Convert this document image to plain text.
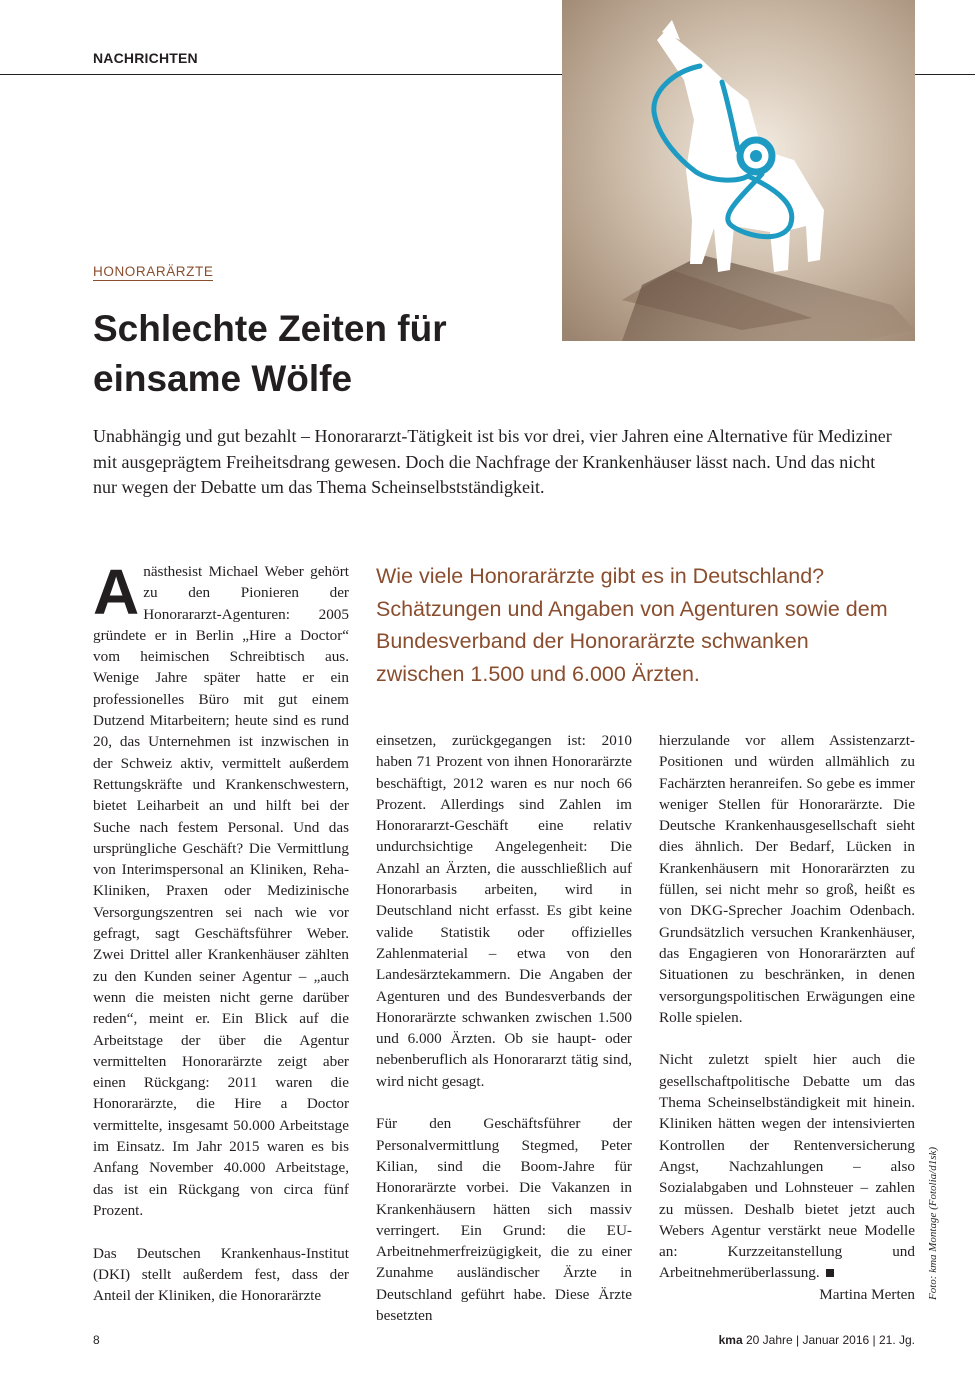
NACHRICHTEN
HONORARÄRZTE
Schlechte Zeiten für
einsame Wölfe

Unabhängig und gut bezahlt – Honorararzt-Tätigkeit ist bis vor drei, vier Jahren eine Alternative für Mediziner mit ausgeprägtem Freiheitsdrang gewesen. Doch die Nachfrage der Krankenhäuser lässt nach. Und das nicht nur wegen der Debatte um das Thema Scheinselbstständigkeit.

Anästhesist Michael Weber gehört zu den Pionieren der Honorararzt-Agenturen: 2005 gründete er in Berlin „Hire a Doctor“ vom heimischen Schreibtisch aus. Wenige Jahre später hatte er ein professionelles Büro mit gut einem Dutzend Mitarbeitern; heute sind es rund 20, das Unternehmen ist inzwischen in der Schweiz aktiv, vermittelt außerdem Rettungskräfte und Krankenschwestern, bietet Leiharbeit an und hilft bei der Suche nach festem Personal. Und das ursprüngliche Geschäft? Die Vermittlung von Interimspersonal an Kliniken, Reha-Kliniken, Praxen oder Medizinische Versorgungszentren sei nach wie vor gefragt, sagt Geschäftsführer Weber. Zwei Drittel aller Krankenhäuser zählten zu den Kunden seiner Agentur – „auch wenn die meisten nicht gerne darüber reden“, meint er. Ein Blick auf die Arbeitstage der über die Agentur vermittelten Honorarärzte zeigt aber einen Rückgang: 2011 waren die Honorarärzte, die Hire a Doctor vermittelte, insgesamt 50.000 Arbeitstage im Einsatz. Im Jahr 2015 waren es bis Anfang November 40.000 Arbeitstage, das ist ein Rückgang von circa fünf Prozent.

Das Deutschen Krankenhaus-Institut (DKI) stellt außerdem fest, dass der Anteil der Kliniken, die Honorarärzte

Wie viele Honorarärzte gibt es in Deutschland? Schätzungen und Angaben von Agenturen sowie dem Bundesverband der Honorarärzte schwanken zwischen 1.500 und 6.000 Ärzten.

einsetzen, zurückgegangen ist: 2010 haben 71 Prozent von ihnen Honorarärzte beschäftigt, 2012 waren es nur noch 66 Prozent. Allerdings sind Zahlen im Honorararzt-Geschäft eine relativ undurchsichtige Angelegenheit: Die Anzahl an Ärzten, die ausschließlich auf Honorarbasis arbeiten, wird in Deutschland nicht erfasst. Es gibt keine valide Statistik oder offizielles Zahlenmaterial – etwa von den Landesärztekammern. Die Angaben der Agenturen und des Bundesverbands der Honorarärzte schwanken zwischen 1.500 und 6.000 Ärzten. Ob sie haupt- oder nebenberuflich als Honorararzt tätig sind, wird nicht gesagt.

Für den Geschäftsführer der Personalvermittlung Stegmed, Peter Kilian, sind die Boom-Jahre für Honorarärzte vorbei. Die Vakanzen in Krankenhäusern hätten sich massiv verringert. Ein Grund: die EU-Arbeitnehmerfreizügigkeit, die zu einer Zunahme ausländischer Ärzte in Deutschland geführt habe. Diese Ärzte besetzten

hierzulande vor allem Assistenzarzt-Positionen und würden allmählich zu Fachärzten heranreifen. So gebe es immer weniger Stellen für Honorarärzte. Die Deutsche Krankenhausgesellschaft sieht dies ähnlich. Der Bedarf, Lücken in Krankenhäusern mit Honorarärzten zu füllen, sei nicht mehr so groß, heißt es von DKG-Sprecher Joachim Odenbach. Grundsätzlich versuchen Krankenhäuser, das Engagieren von Honorarärzten auf Situationen zu beschränken, in denen versorgungspolitischen Erwägungen eine Rolle spielen.

Nicht zuletzt spielt hier auch die gesellschaftpolitische Debatte um das Thema Scheinselbständigkeit mit hinein. Kliniken hätten wegen der intensivierten Kontrollen der Rentenversicherung Angst, Nachzahlungen – also Sozialabgaben und Lohnsteuer – zahlen zu müssen. Deshalb bietet jetzt auch Webers Agentur verstärkt neue Modelle an: Kurzzeitanstellung und Arbeitnehmerüberlassung.

Martina Merten Foto: kma Montage (Fotolia/d1sk)
8	kma 20 Jahre | Januar 2016 | 21. Jg.
